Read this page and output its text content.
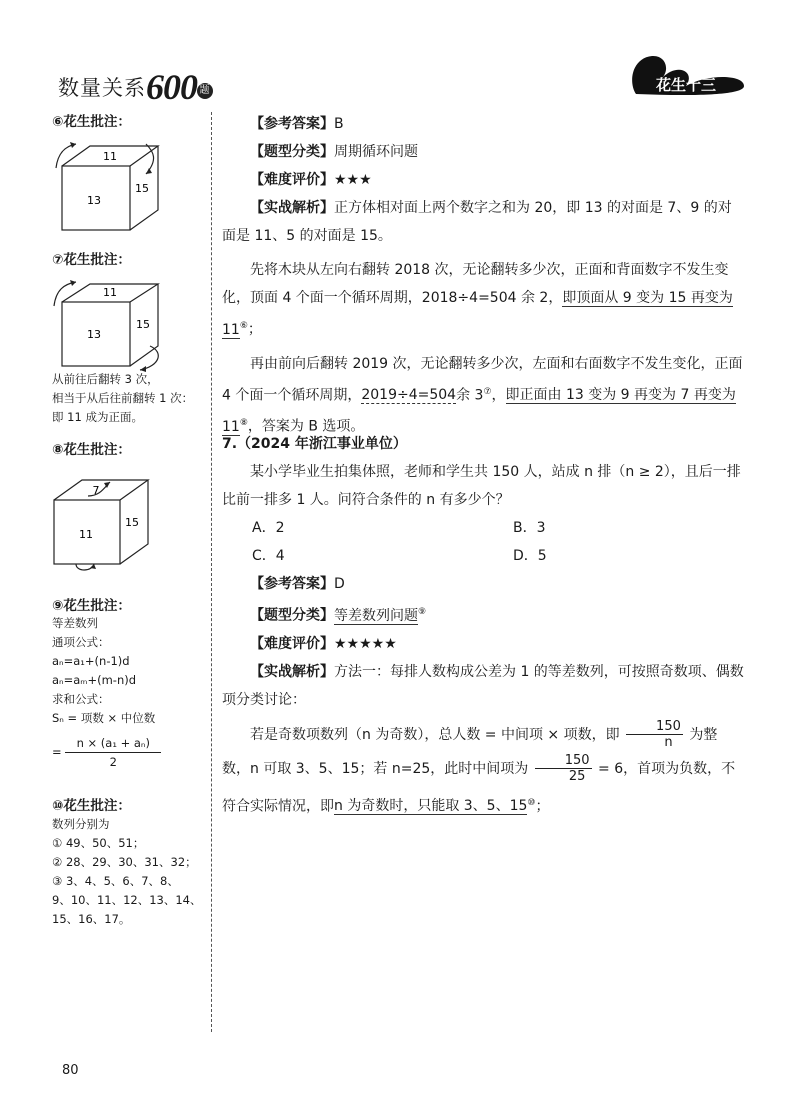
数量关系600 题	花生十三
⑥花生批注：
11
13
15
⑦花生批注：
11
13
15
从前往后翻转 3 次，
相当于从后往前翻转 1 次：
即 11 成为正面。
⑧花生批注：
7
11
15
⑨花生批注：
等差数列
通项公式：
aₙ=a₁+(n-1)d
aₙ=aₘ+(m-n)d
求和公式：
Sₙ = 项数 × 中位数
= $\frac{\text{n × (a₁ + aₙ)}}{2}$
⑩花生批注：
数列分别为
① 49、50、51；
② 28、29、30、31、32；
③ 3、4、5、6、7、8、
9、10、11、12、13、14、
15、16、17。
【参考答案】B
【题型分类】周期循环问题
【难度评价】★★★
【实战解析】正方体相对面上两个数字之和为 20，即 13 的对面是 7、9 的对面是 11、5 的对面是 15。
先将木块从左向右翻转 2018 次，无论翻转多少次，正面和背面数字不发生变化，顶面 4 个面一个循环周期，2018÷4=504 余 2，即顶面从 9 变为 15 再变为 11⑥；
再由前向后翻转 2019 次，无论翻转多少次，左面和右面数字不发生变化，正面 4 个面一个循环周期，2019÷4=504余 3⑦，即正面由 13 变为 9 再变为 7 再变为 11⑧，答案为 B 选项。
7.（2024 年浙江事业单位）
某小学毕业生拍集体照，老师和学生共 150 人，站成 n 排（n ≥ 2），且后一排比前一排多 1 人。问符合条件的 n 有多少个？
A．2	B．3
C．4	D．5
【参考答案】D
【题型分类】等差数列问题⑨
【难度评价】★★★★★
【实战解析】方法一：每排人数构成公差为 1 的等差数列，可按照奇数项、偶数项分类讨论：
若是奇数项数列（n 为奇数），总人数 = 中间项 × 项数，即 $\frac{150}{n}$ 为整数，n 可取 3、5、15；若 n=25，此时中间项为 $\frac{150}{25} = 6$，首项为负数，不符合实际情况，即n 为奇数时，只能取 3、5、15⑩；
80
